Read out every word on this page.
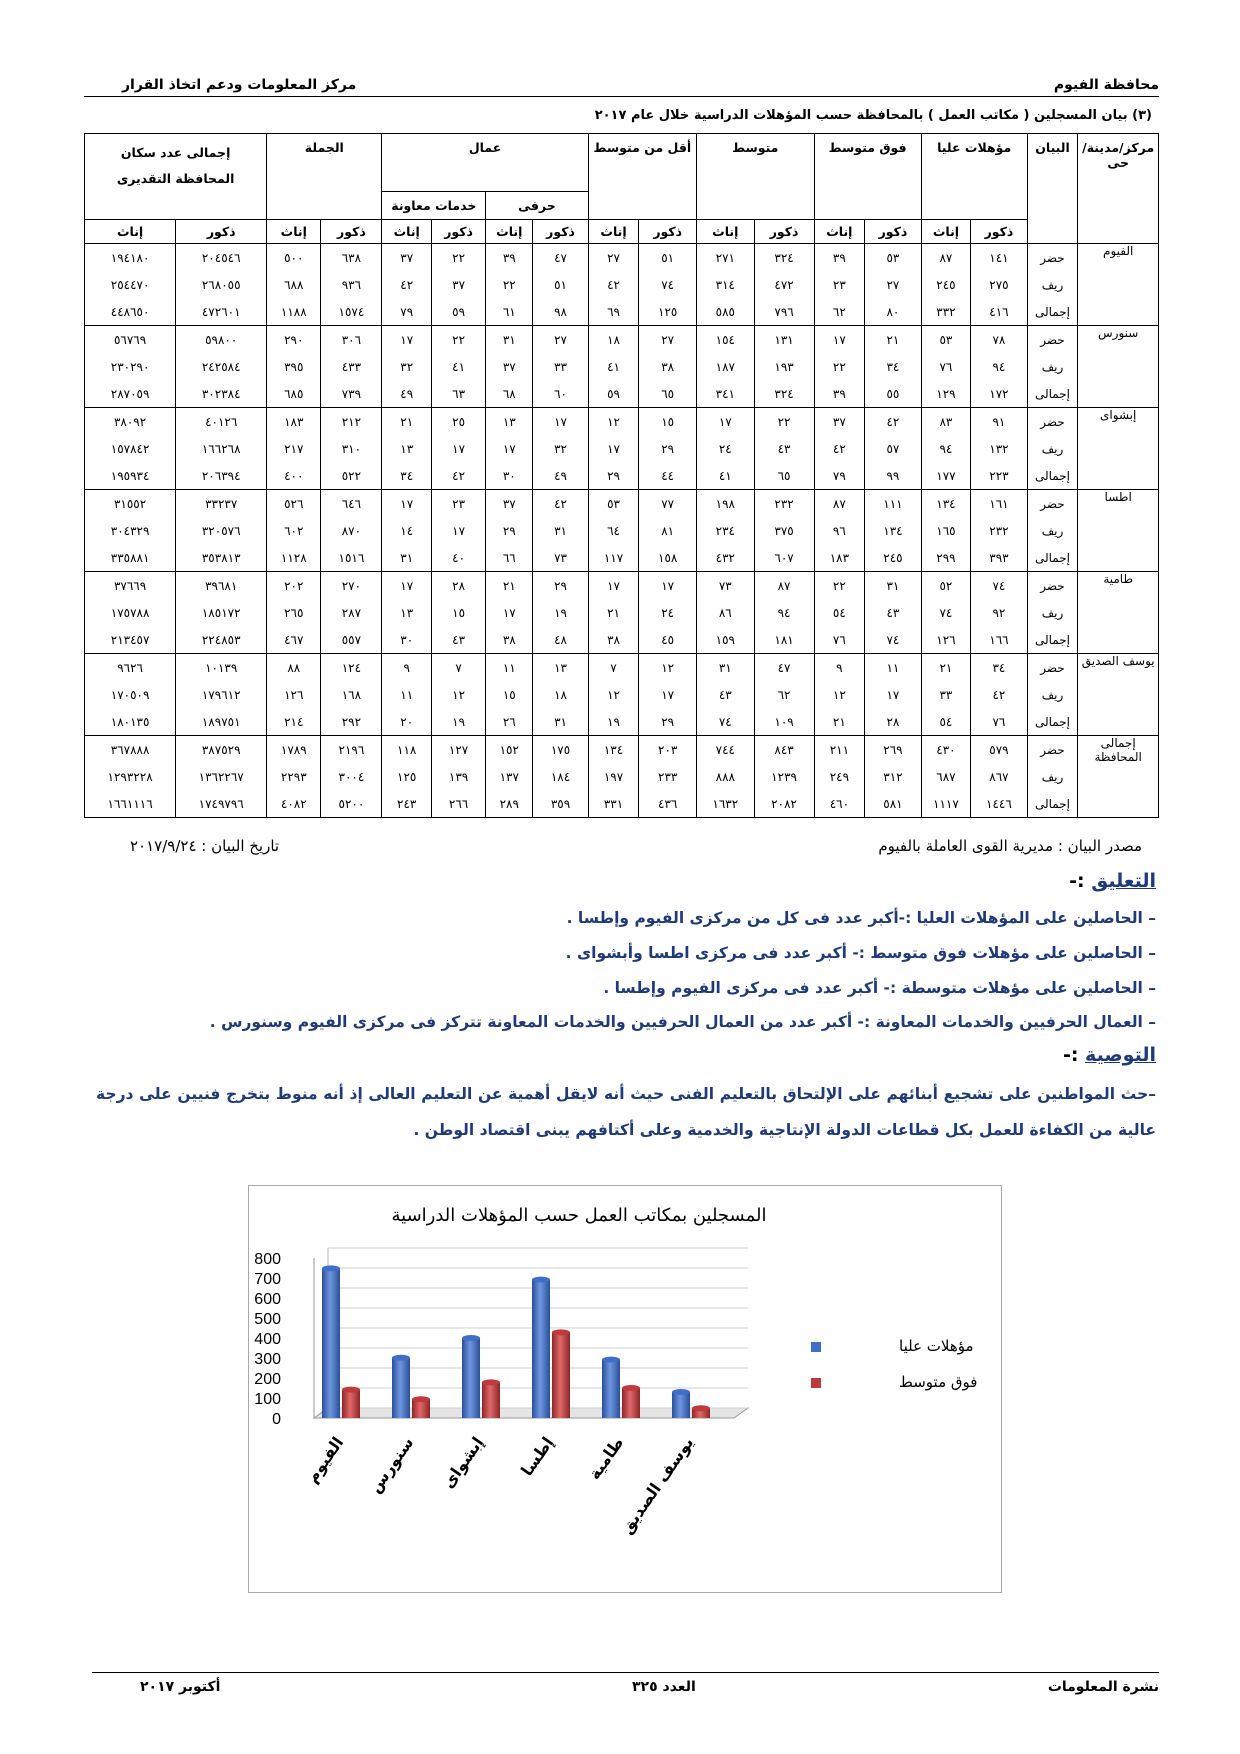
محافظة الفيوم
مركز المعلومات ودعم اتخاذ القرار
(٣) بيان المسجلين ( مكاتب العمل ) بالمحافظة حسب المؤهلات الدراسية خلال عام ٢٠١٧
مركز/مدينة/حى	البيان	مؤهلات عليا		فوق متوسط		متوسط		أقل من متوسط		عمال				الجملة		إجمالى عدد سكان المحافظة التقديرى	
										حرفى		خدمات معاونة					
		ذكور	إناث	ذكور	إناث	ذكور	إناث	ذكور	إناث	ذكور	إناث	ذكور	إناث	ذكور	إناث	ذكور	إناث
الفيوم	حضر	١٤١	٨٧	٥٣	٣٩	٣٢٤	٢٧١	٥١	٢٧	٤٧	٣٩	٢٢	٣٧	٦٣٨	٥٠٠	٢٠٤٥٤٦	١٩٤١٨٠
	ريف	٢٧٥	٢٤٥	٢٧	٢٣	٤٧٢	٣١٤	٧٤	٤٢	٥١	٢٢	٣٧	٤٢	٩٣٦	٦٨٨	٢٦٨٠٥٥	٢٥٤٤٧٠
	إجمالى	٤١٦	٣٣٢	٨٠	٦٢	٧٩٦	٥٨٥	١٢٥	٦٩	٩٨	٦١	٥٩	٧٩	١٥٧٤	١١٨٨	٤٧٢٦٠١	٤٤٨٦٥٠
سنورس	حضر	٧٨	٥٣	٢١	١٧	١٣١	١٥٤	٢٧	١٨	٢٧	٣١	٢٢	١٧	٣٠٦	٢٩٠	٥٩٨٠٠	٥٦٧٦٩
	ريف	٩٤	٧٦	٣٤	٢٢	١٩٣	١٨٧	٣٨	٤١	٣٣	٣٧	٤١	٣٢	٤٣٣	٣٩٥	٢٤٢٥٨٤	٢٣٠٢٩٠
	إجمالى	١٧٢	١٢٩	٥٥	٣٩	٣٢٤	٣٤١	٦٥	٥٩	٦٠	٦٨	٦٣	٤٩	٧٣٩	٦٨٥	٣٠٢٣٨٤	٢٨٧٠٥٩
إبشواى	حضر	٩١	٨٣	٤٢	٣٧	٢٢	١٧	١٥	١٢	١٧	١٣	٢٥	٢١	٢١٢	١٨٣	٤٠١٢٦	٣٨٠٩٢
	ريف	١٣٢	٩٤	٥٧	٤٢	٤٣	٢٤	٢٩	١٧	٣٢	١٧	١٧	١٣	٣١٠	٢١٧	١٦٦٢٦٨	١٥٧٨٤٢
	إجمالى	٢٢٣	١٧٧	٩٩	٧٩	٦٥	٤١	٤٤	٢٩	٤٩	٣٠	٤٢	٣٤	٥٢٢	٤٠٠	٢٠٦٣٩٤	١٩٥٩٣٤
اطسا	حضر	١٦١	١٣٤	١١١	٨٧	٢٣٢	١٩٨	٧٧	٥٣	٤٢	٣٧	٢٣	١٧	٦٤٦	٥٢٦	٣٣٢٣٧	٣١٥٥٢
	ريف	٢٣٢	١٦٥	١٣٤	٩٦	٣٧٥	٢٣٤	٨١	٦٤	٣١	٢٩	١٧	١٤	٨٧٠	٦٠٢	٣٢٠٥٧٦	٣٠٤٣٢٩
	إجمالى	٣٩٣	٢٩٩	٢٤٥	١٨٣	٦٠٧	٤٣٢	١٥٨	١١٧	٧٣	٦٦	٤٠	٣١	١٥١٦	١١٢٨	٣٥٣٨١٣	٣٣٥٨٨١
طامية	حضر	٧٤	٥٢	٣١	٢٢	٨٧	٧٣	١٧	١٧	٢٩	٢١	٢٨	١٧	٢٧٠	٢٠٢	٣٩٦٨١	٣٧٦٦٩
	ريف	٩٢	٧٤	٤٣	٥٤	٩٤	٨٦	٢٤	٢١	١٩	١٧	١٥	١٣	٢٨٧	٢٦٥	١٨٥١٧٢	١٧٥٧٨٨
	إجمالى	١٦٦	١٢٦	٧٤	٧٦	١٨١	١٥٩	٤٥	٣٨	٤٨	٣٨	٤٣	٣٠	٥٥٧	٤٦٧	٢٢٤٨٥٣	٢١٣٤٥٧
يوسف الصديق	حضر	٣٤	٢١	١١	٩	٤٧	٣١	١٢	٧	١٣	١١	٧	٩	١٢٤	٨٨	١٠١٣٩	٩٦٢٦
	ريف	٤٢	٣٣	١٧	١٢	٦٢	٤٣	١٧	١٢	١٨	١٥	١٢	١١	١٦٨	١٢٦	١٧٩٦١٢	١٧٠٥٠٩
	إجمالى	٧٦	٥٤	٢٨	٢١	١٠٩	٧٤	٢٩	١٩	٣١	٢٦	١٩	٢٠	٢٩٢	٢١٤	١٨٩٧٥١	١٨٠١٣٥
إجمالى المحافظة	حضر	٥٧٩	٤٣٠	٢٦٩	٢١١	٨٤٣	٧٤٤	٢٠٣	١٣٤	١٧٥	١٥٢	١٢٧	١١٨	٢١٩٦	١٧٨٩	٣٨٧٥٢٩	٣٦٧٨٨٨
	ريف	٨٦٧	٦٨٧	٣١٢	٢٤٩	١٢٣٩	٨٨٨	٢٣٣	١٩٧	١٨٤	١٣٧	١٣٩	١٢٥	٣٠٠٤	٢٢٩٣	١٣٦٢٢٦٧	١٢٩٣٢٢٨
	إجمالى	١٤٤٦	١١١٧	٥٨١	٤٦٠	٢٠٨٢	١٦٣٢	٤٣٦	٣٣١	٣٥٩	٢٨٩	٢٦٦	٢٤٣	٥٢٠٠	٤٠٨٢	١٧٤٩٧٩٦	١٦٦١١١٦
مصدر البيان : مديرية القوى العاملة بالفيوم
تاريخ البيان : ٢٠١٧/٩/٢٤
التعليق :-
– الحاصلين على المؤهلات العليا :-أكبر عدد فى كل من مركزى الفيوم وإطسا .
– الحاصلين على مؤهلات فوق متوسط :- أكبر عدد فى مركزى اطسا وأبشواى .
– الحاصلين على مؤهلات متوسطة :- أكبر عدد فى مركزى الفيوم وإطسا .
– العمال الحرفيين والخدمات المعاونة :- أكبر عدد من العمال الحرفيين والخدمات المعاونة تتركز فى مركزى الفيوم وسنورس .
التوصية :-
–حث المواطنين على تشجيع أبنائهم على الإلتحاق بالتعليم الفنى حيث أنه لايقل أهمية عن التعليم العالى إذ أنه منوط بتخرج فنيين على درجة عالية من الكفاءة للعمل بكل قطاعات الدولة الإنتاجية والخدمية وعلى أكتافهم يبنى اقتصاد الوطن .
المسجلين بمكاتب العمل حسب المؤهلات الدراسية
800
700
600
500
400
300
200
100
0
الفيوم سنورس إبشواى إطسا طامية
يوسف الصديق
مؤهلات عليا
فوق متوسط
نشرة المعلومات
العدد ٣٢٥
أكتوبر ٢٠١٧
